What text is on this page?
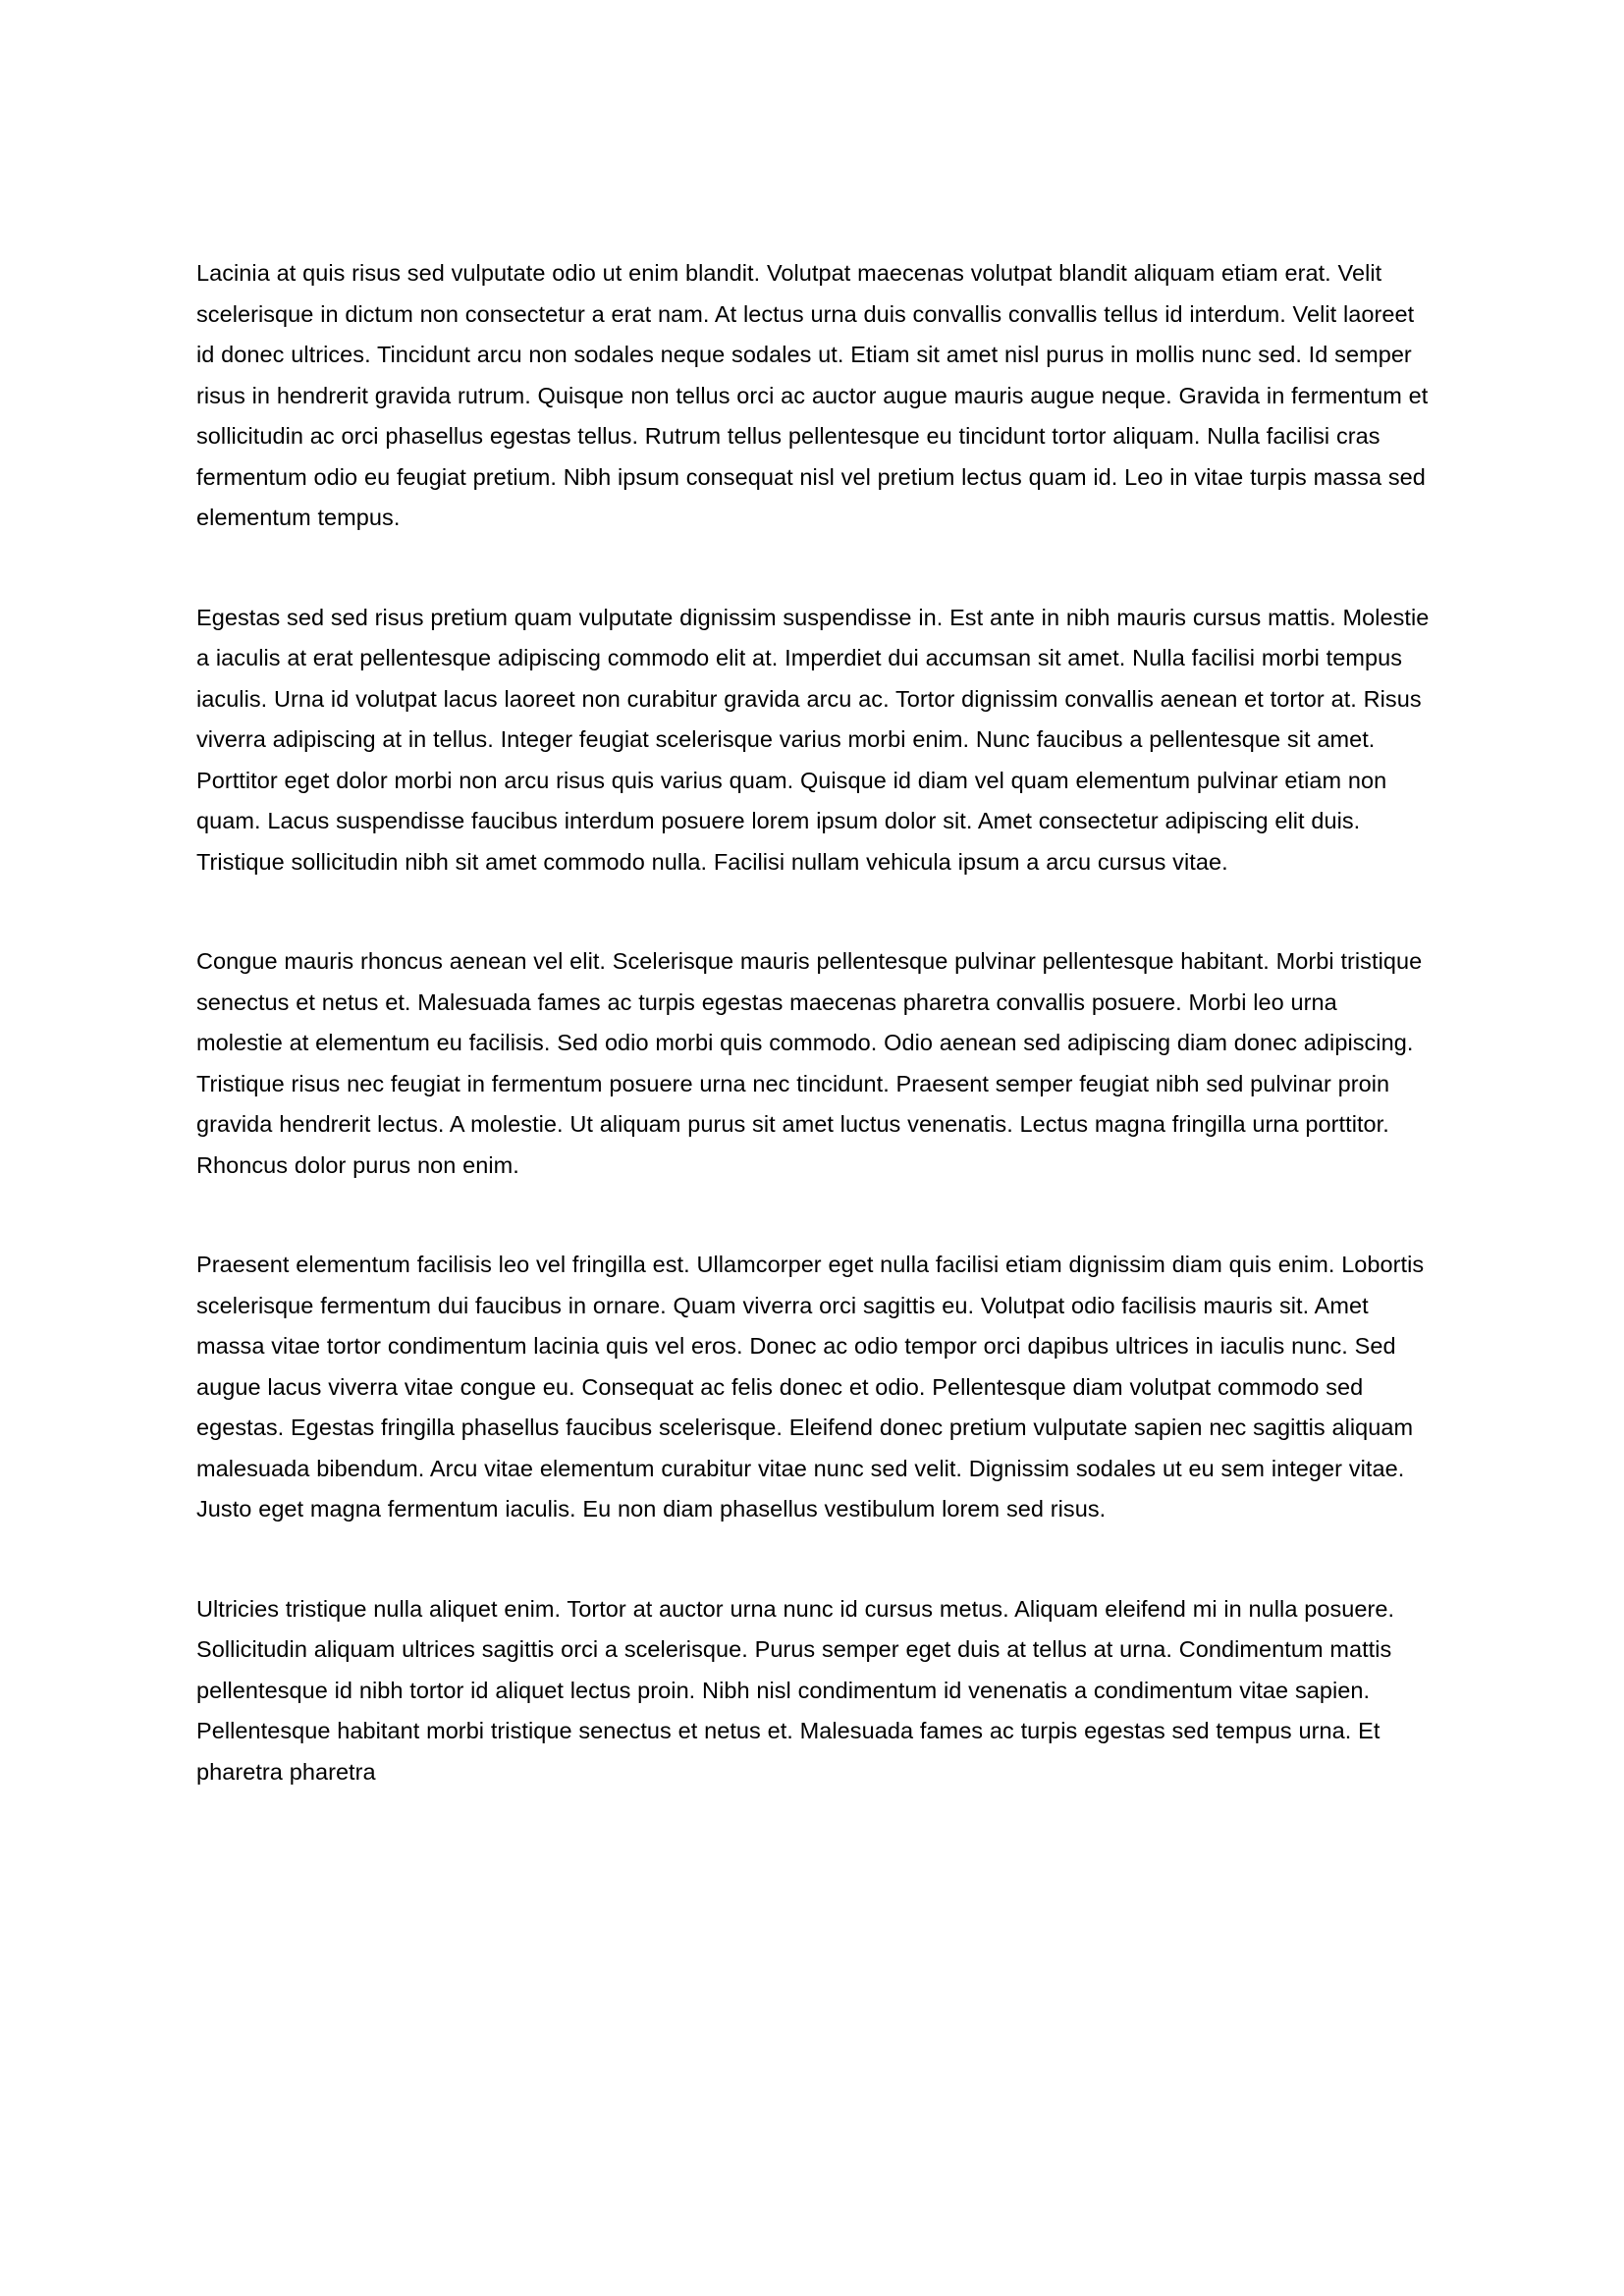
Lacinia at quis risus sed vulputate odio ut enim blandit. Volutpat maecenas volutpat blandit aliquam etiam erat. Velit scelerisque in dictum non consectetur a erat nam. At lectus urna duis convallis convallis tellus id interdum. Velit laoreet id donec ultrices. Tincidunt arcu non sodales neque sodales ut. Etiam sit amet nisl purus in mollis nunc sed. Id semper risus in hendrerit gravida rutrum. Quisque non tellus orci ac auctor augue mauris augue neque. Gravida in fermentum et sollicitudin ac orci phasellus egestas tellus. Rutrum tellus pellentesque eu tincidunt tortor aliquam. Nulla facilisi cras fermentum odio eu feugiat pretium. Nibh ipsum consequat nisl vel pretium lectus quam id. Leo in vitae turpis massa sed elementum tempus.

Egestas sed sed risus pretium quam vulputate dignissim suspendisse in. Est ante in nibh mauris cursus mattis. Molestie a iaculis at erat pellentesque adipiscing commodo elit at. Imperdiet dui accumsan sit amet. Nulla facilisi morbi tempus iaculis. Urna id volutpat lacus laoreet non curabitur gravida arcu ac. Tortor dignissim convallis aenean et tortor at. Risus viverra adipiscing at in tellus. Integer feugiat scelerisque varius morbi enim. Nunc faucibus a pellentesque sit amet. Porttitor eget dolor morbi non arcu risus quis varius quam. Quisque id diam vel quam elementum pulvinar etiam non quam. Lacus suspendisse faucibus interdum posuere lorem ipsum dolor sit. Amet consectetur adipiscing elit duis. Tristique sollicitudin nibh sit amet commodo nulla. Facilisi nullam vehicula ipsum a arcu cursus vitae.

Congue mauris rhoncus aenean vel elit. Scelerisque mauris pellentesque pulvinar pellentesque habitant. Morbi tristique senectus et netus et. Malesuada fames ac turpis egestas maecenas pharetra convallis posuere. Morbi leo urna molestie at elementum eu facilisis. Sed odio morbi quis commodo. Odio aenean sed adipiscing diam donec adipiscing. Tristique risus nec feugiat in fermentum posuere urna nec tincidunt. Praesent semper feugiat nibh sed pulvinar proin gravida hendrerit lectus. A molestie. Ut aliquam purus sit amet luctus venenatis. Lectus magna fringilla urna porttitor. Rhoncus dolor purus non enim.

Praesent elementum facilisis leo vel fringilla est. Ullamcorper eget nulla facilisi etiam dignissim diam quis enim. Lobortis scelerisque fermentum dui faucibus in ornare. Quam viverra orci sagittis eu. Volutpat odio facilisis mauris sit. Amet massa vitae tortor condimentum lacinia quis vel eros. Donec ac odio tempor orci dapibus ultrices in iaculis nunc. Sed augue lacus viverra vitae congue eu. Consequat ac felis donec et odio. Pellentesque diam volutpat commodo sed egestas. Egestas fringilla phasellus faucibus scelerisque. Eleifend donec pretium vulputate sapien nec sagittis aliquam malesuada bibendum. Arcu vitae elementum curabitur vitae nunc sed velit. Dignissim sodales ut eu sem integer vitae. Justo eget magna fermentum iaculis. Eu non diam phasellus vestibulum lorem sed risus.

Ultricies tristique nulla aliquet enim. Tortor at auctor urna nunc id cursus metus. Aliquam eleifend mi in nulla posuere. Sollicitudin aliquam ultrices sagittis orci a scelerisque. Purus semper eget duis at tellus at urna. Condimentum mattis pellentesque id nibh tortor id aliquet lectus proin. Nibh nisl condimentum id venenatis a condimentum vitae sapien. Pellentesque habitant morbi tristique senectus et netus et. Malesuada fames ac turpis egestas sed tempus urna. Et pharetra pharetra
